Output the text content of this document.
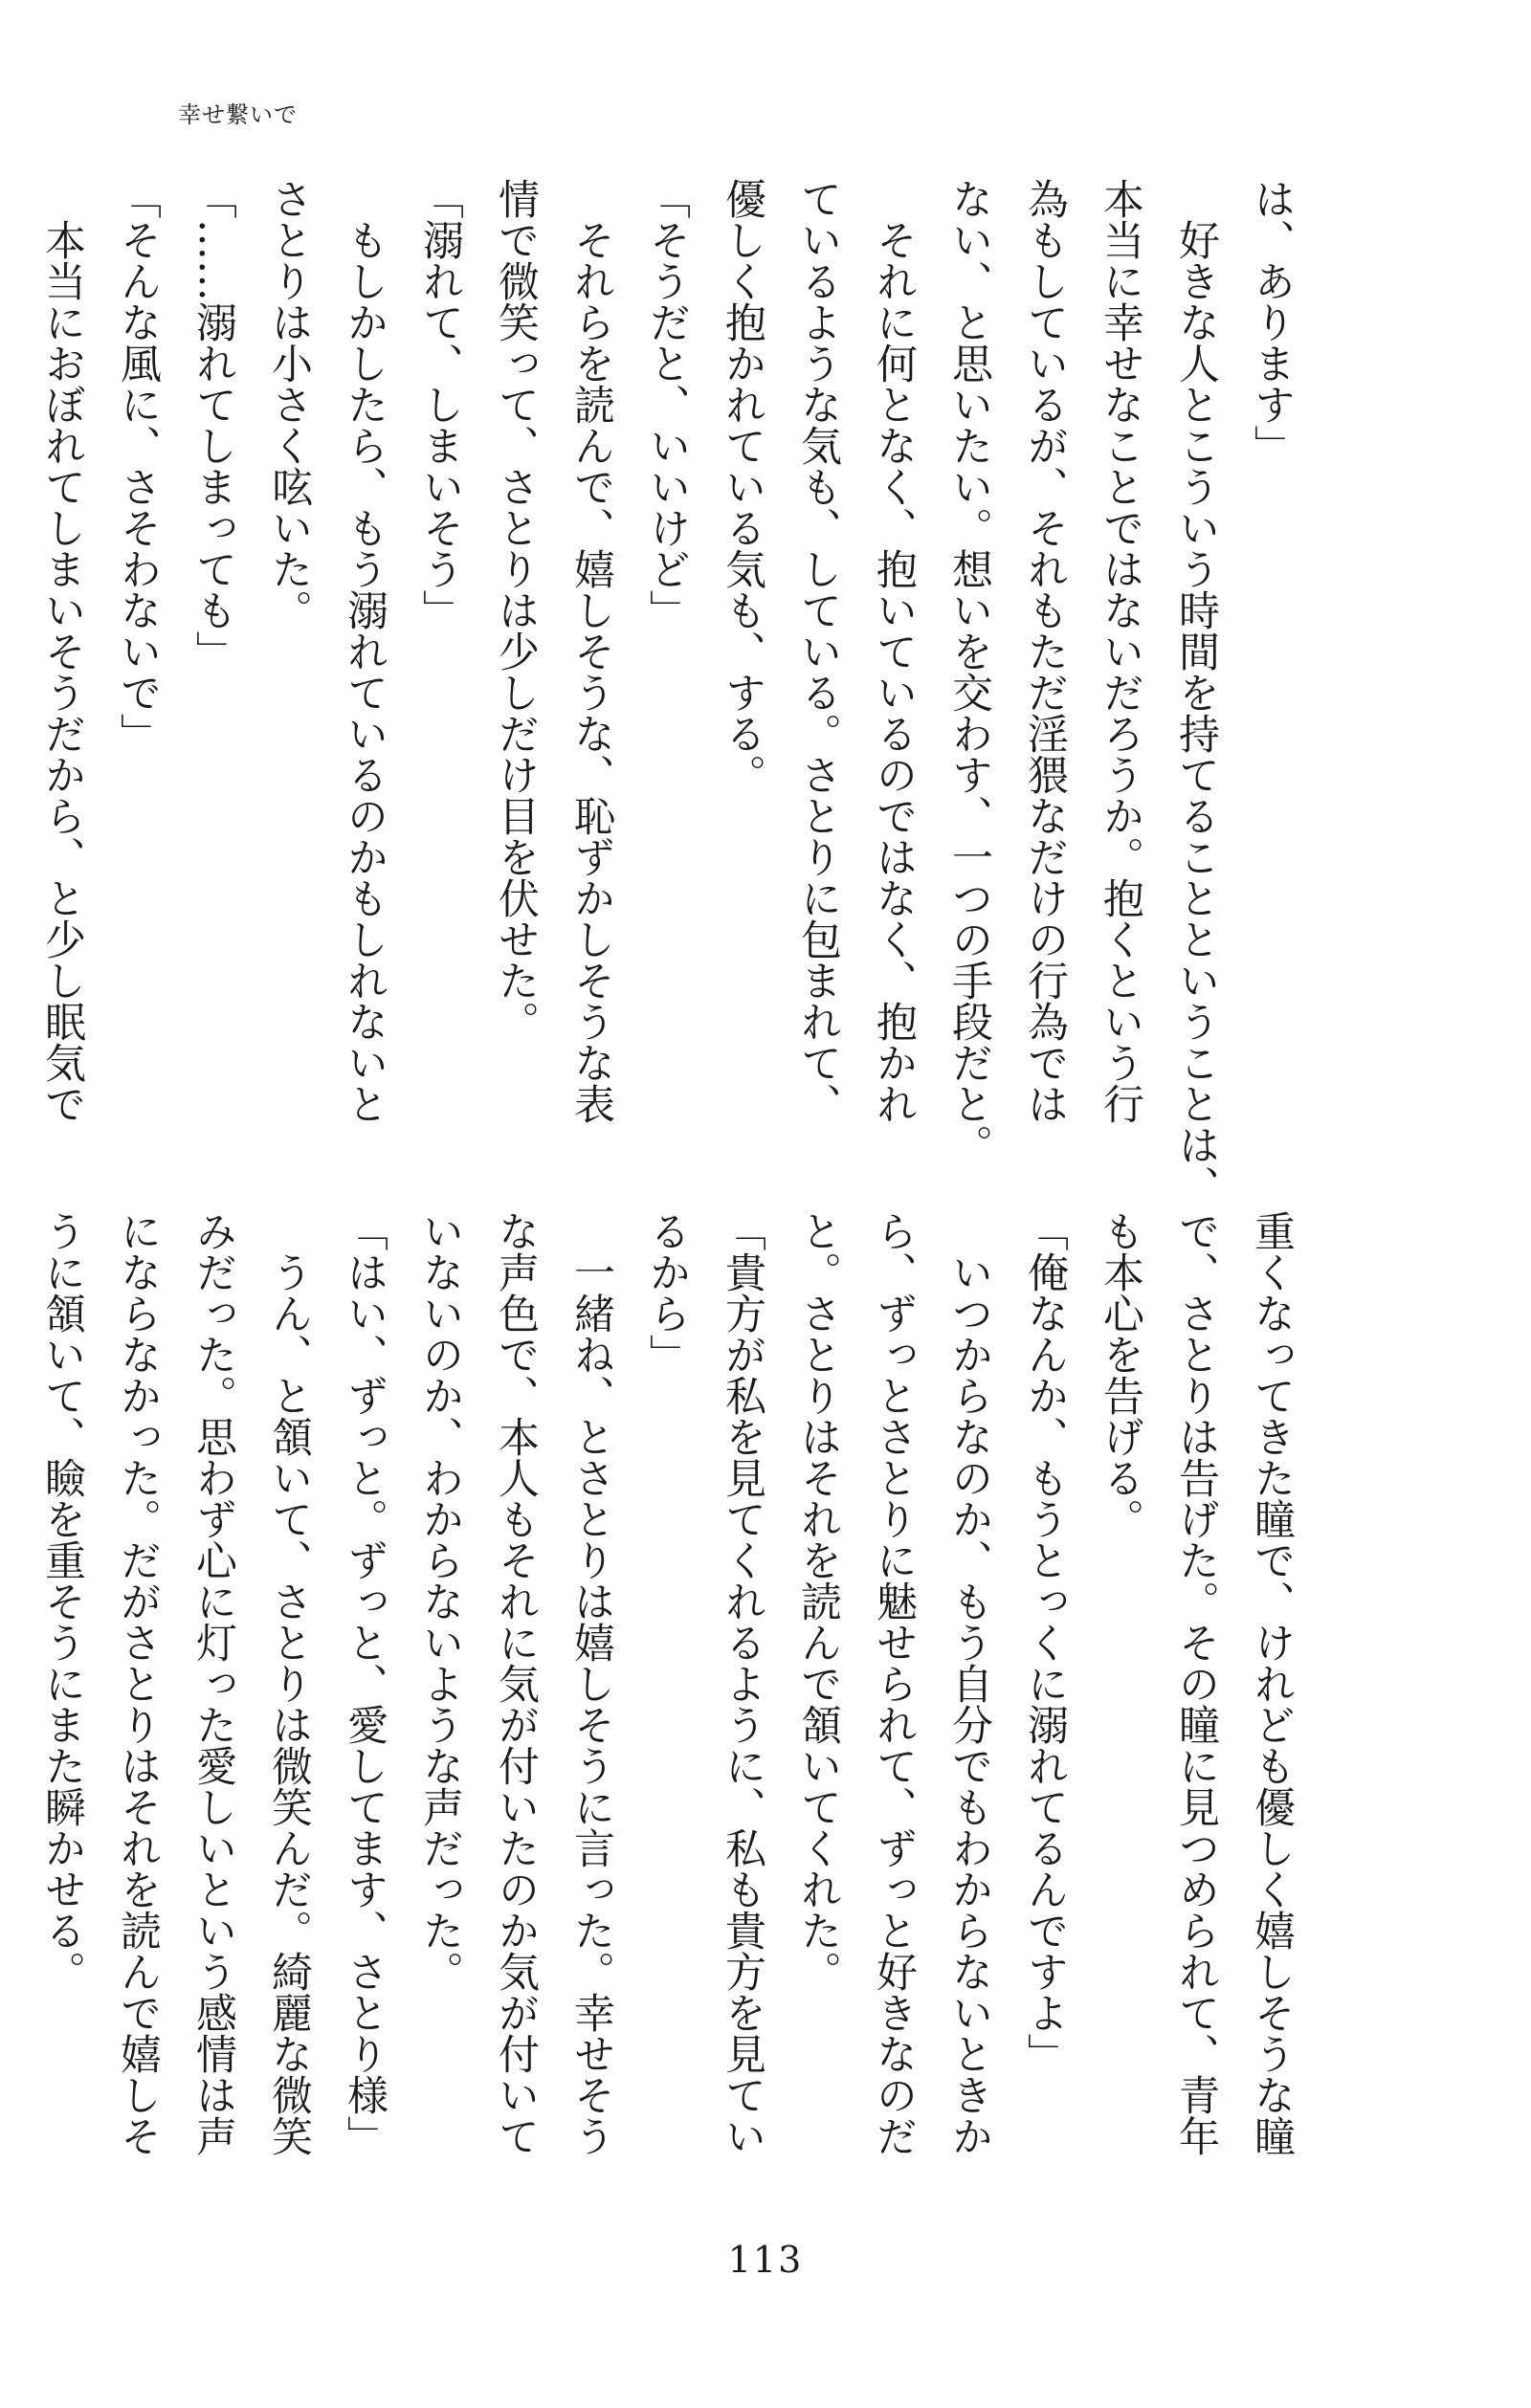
幸せ繋いで
は、あります」
　好きな人とこういう時間を持てることということは、
本当に幸せなことではないだろうか。抱くという行
為もしているが、それもただ淫猥なだけの行為では
ない、と思いたい。想いを交わす、一つの手段だと。
　それに何となく、抱いているのではなく、抱かれ
ているような気も、している。さとりに包まれて、
優しく抱かれている気も、する。
「そうだと、いいけど」
　それらを読んで、嬉しそうな、恥ずかしそうな表
情で微笑って、さとりは少しだけ目を伏せた。
「溺れて、しまいそう」
　もしかしたら、もう溺れているのかもしれないと
さとりは小さく呟いた。
「……溺れてしまっても」
「そんな風に、さそわないで」
　本当におぼれてしまいそうだから、と少し眠気で
重くなってきた瞳で、けれども優しく嬉しそうな瞳
で、さとりは告げた。その瞳に見つめられて、青年
も本心を告げる。
「俺なんか、もうとっくに溺れてるんですよ」
　いつからなのか、もう自分でもわからないときか
ら、ずっとさとりに魅せられて、ずっと好きなのだ
と。さとりはそれを読んで頷いてくれた。
「貴方が私を見てくれるように、私も貴方を見てい
るから」
　一緒ね、とさとりは嬉しそうに言った。幸せそう
な声色で、本人もそれに気が付いたのか気が付いて
いないのか、わからないような声だった。
「はい、ずっと。ずっと、愛してます、さとり様」
　うん、と頷いて、さとりは微笑んだ。綺麗な微笑
みだった。思わず心に灯った愛しいという感情は声
にならなかった。だがさとりはそれを読んで嬉しそ
うに頷いて、瞼を重そうにまた瞬かせる。
113
